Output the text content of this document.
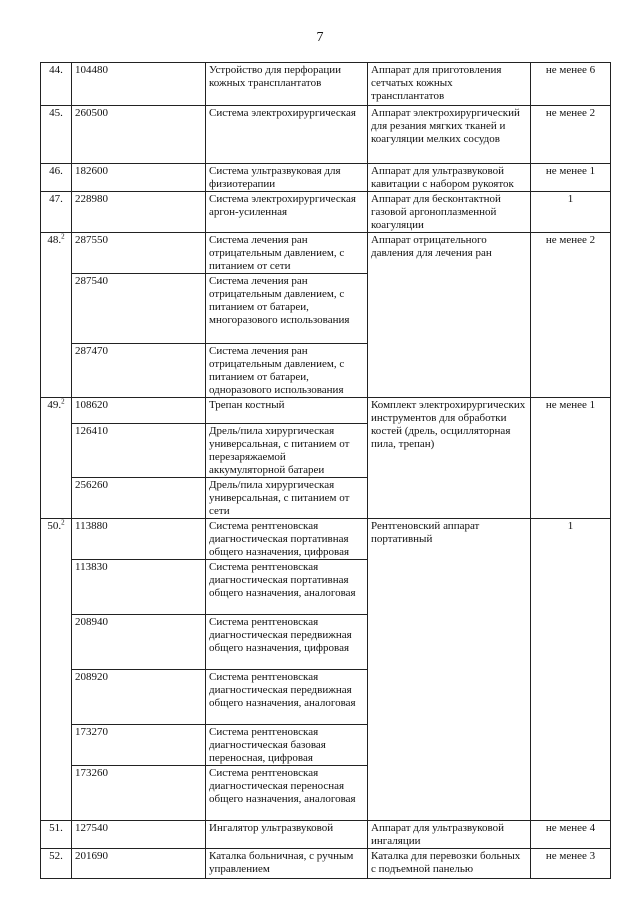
7
44.	104480	Устройство для перфорации кожных трансплантатов	Аппарат для приготовления сетчатых кожных трансплантатов	не менее 6
45.	260500	Система электрохирургическая	Аппарат электрохирургический для резания мягких тканей и коагуляции мелких сосудов	не менее 2
46.	182600	Система ультразвуковая для физиотерапии	Аппарат для ультразвуковой кавитации с набором рукояток	не менее 1
47.	228980	Система электрохирургическая аргон-усиленная	Аппарат для бесконтактной газовой аргоноплазменной коагуляции	1
48.$^2$	287550	Система лечения ран отрицательным давлением, с питанием от сети	Аппарат отрицательного давления для лечения ран	не менее 2
	287540	Система лечения ран отрицательным давлением, с питанием от батареи, многоразового использования		
	287470	Система лечения ран отрицательным давлением, с питанием от батареи, одноразового использования		
49.$^2$	108620	Трепан костный	Комплект электрохирургических инструментов для обработки костей (дрель, осцилляторная пила, трепан)	не менее 1
	126410	Дрель/пила хирургическая универсальная, с питанием от перезаряжаемой аккумуляторной батареи		
	256260	Дрель/пила хирургическая универсальная, с питанием от сети		
50.$^2$	113880	Система рентгеновская диагностическая портативная общего назначения, цифровая	Рентгеновский аппарат портативный	1
	113830	Система рентгеновская диагностическая портативная общего назначения, аналоговая		
	208940	Система рентгеновская диагностическая передвижная общего назначения, цифровая		
	208920	Система рентгеновская диагностическая передвижная общего назначения, аналоговая		
	173270	Система рентгеновская диагностическая базовая переносная, цифровая		
	173260	Система рентгеновская диагностическая переносная общего назначения, аналоговая		
51.	127540	Ингалятор ультразвуковой	Аппарат для ультразвуковой ингаляции	не менее 4
52.	201690	Каталка больничная, с ручным управлением	Каталка для перевозки больных с подъемной панелью	не менее 3
